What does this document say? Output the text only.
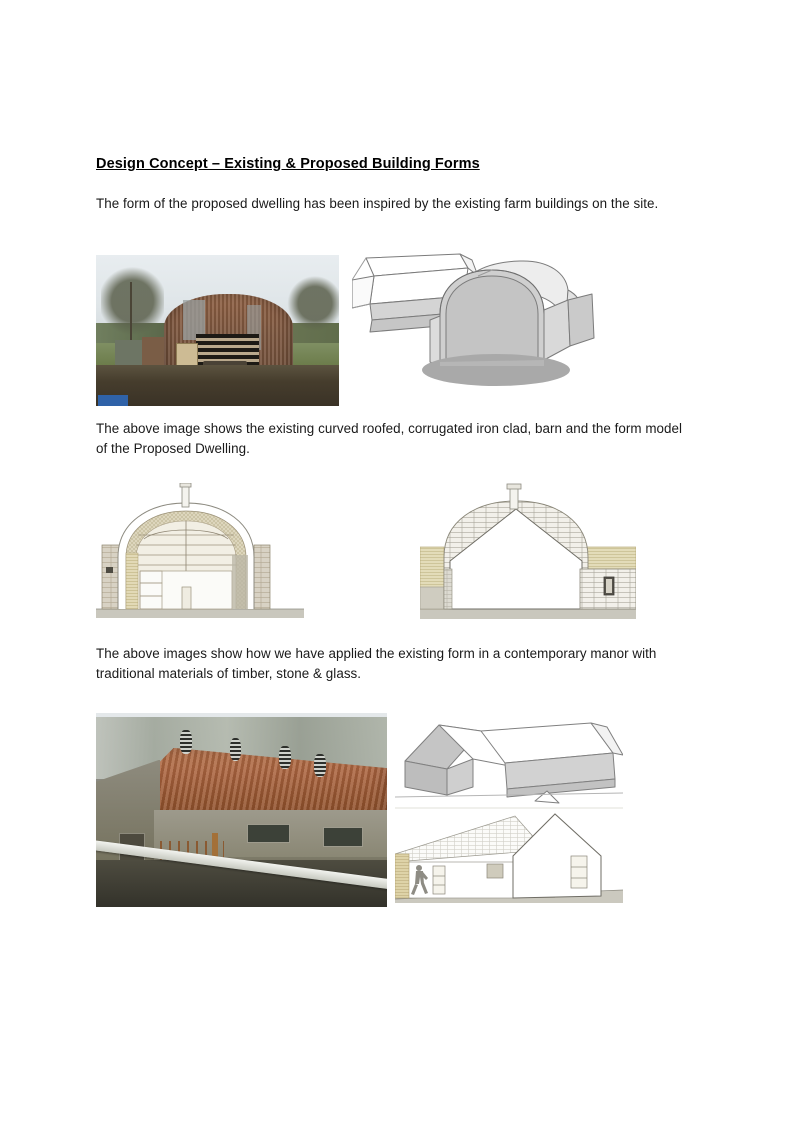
Design Concept – Existing & Proposed Building Forms
The form of the proposed dwelling has been inspired by the existing farm buildings on the site.
The above image shows the existing curved roofed, corrugated iron clad, barn and the form model of the Proposed Dwelling.
The above images show how we have applied the existing form in a contemporary manor with traditional materials of timber, stone & glass.
